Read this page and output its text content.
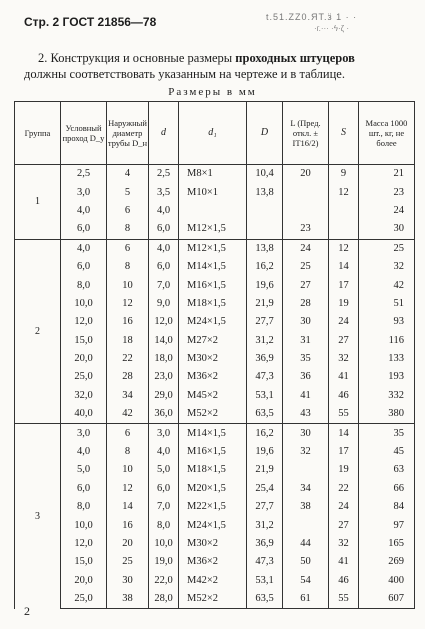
Стр. 2 ГОСТ 21856—78	t.51.ZZ0.ЯТ.ӟ 1 · ·
·г.··· ·ϟ·ζ ·
2. Конструкция и основные размеры проходных штуцеров должны соответствовать указанным на чертеже и в таблице.
Размеры в мм
Группа	Условный проход D_у	Наружный диаметр трубы D_н	d	d₁	D	L (Пред. откл. ± IT16/2)	S	Масса 1000 шт., кг, не более
1	2,5	4	2,5	M8×1	10,4	20	9	21
	3,0	5	3,5	M10×1	13,8		12	23
	4,0	6	4,0					24
	6,0	8	6,0	M12×1,5		23		30
2	4,0	6	4,0	M12×1,5	13,8	24	12	25
	6,0	8	6,0	M14×1,5	16,2	25	14	32
	8,0	10	7,0	M16×1,5	19,6	27	17	42
	10,0	12	9,0	M18×1,5	21,9	28	19	51
	12,0	16	12,0	M24×1,5	27,7	30	24	93
	15,0	18	14,0	M27×2	31,2	31	27	116
	20,0	22	18,0	M30×2	36,9	35	32	133
	25,0	28	23,0	M36×2	47,3	36	41	193
	32,0	34	29,0	M45×2	53,1	41	46	332
	40,0	42	36,0	M52×2	63,5	43	55	380
3	3,0	6	3,0	M14×1,5	16,2	30	14	35
	4,0	8	4,0	M16×1,5	19,6	32	17	45
	5,0	10	5,0	M18×1,5	21,9		19	63
	6,0	12	6,0	M20×1,5	25,4	34	22	66
	8,0	14	7,0	M22×1,5	27,7	38	24	84
	10,0	16	8,0	M24×1,5	31,2		27	97
	12,0	20	10,0	M30×2	36,9	44	32	165
	15,0	25	19,0	M36×2	47,3	50	41	269
	20,0	30	22,0	M42×2	53,1	54	46	400
	25,0	38	28,0	M52×2	63,5	61	55	607
2
